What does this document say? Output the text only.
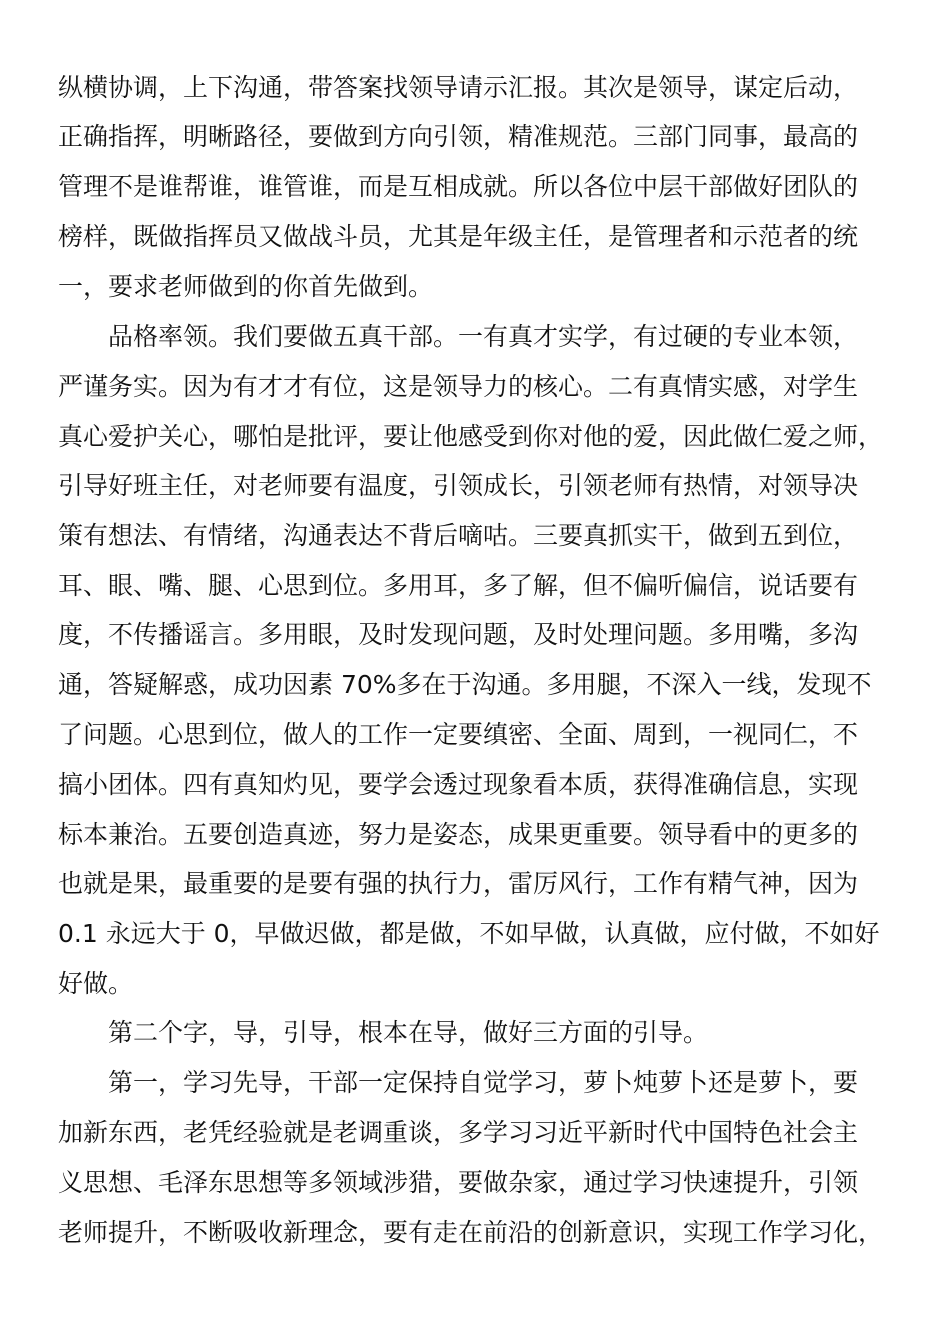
纵横协调，上下沟通，带答案找领导请示汇报。其次是领导，谋定后动，
正确指挥，明晰路径，要做到方向引领，精准规范。三部门同事，最高的
管理不是谁帮谁，谁管谁，而是互相成就。所以各位中层干部做好团队的
榜样，既做指挥员又做战斗员，尤其是年级主任，是管理者和示范者的统
一，要求老师做到的你首先做到。
　　品格率领。我们要做五真干部。一有真才实学，有过硬的专业本领，
严谨务实。因为有才才有位，这是领导力的核心。二有真情实感，对学生
真心爱护关心，哪怕是批评，要让他感受到你对他的爱，因此做仁爱之师，
引导好班主任，对老师要有温度，引领成长，引领老师有热情，对领导决
策有想法、有情绪，沟通表达不背后嘀咕。三要真抓实干，做到五到位，
耳、眼、嘴、腿、心思到位。多用耳，多了解，但不偏听偏信，说话要有
度，不传播谣言。多用眼，及时发现问题，及时处理问题。多用嘴，多沟
通，答疑解惑，成功因素 70%多在于沟通。多用腿，不深入一线，发现不
了问题。心思到位，做人的工作一定要缜密、全面、周到，一视同仁，不
搞小团体。四有真知灼见，要学会透过现象看本质，获得准确信息，实现
标本兼治。五要创造真迹，努力是姿态，成果更重要。领导看中的更多的
也就是果，最重要的是要有强的执行力，雷厉风行，工作有精气神，因为
0.1 永远大于 0，早做迟做，都是做，不如早做，认真做，应付做，不如好
好做。
　　第二个字，导，引导，根本在导，做好三方面的引导。
　　第一，学习先导，干部一定保持自觉学习，萝卜炖萝卜还是萝卜，要
加新东西，老凭经验就是老调重谈，多学习习近平新时代中国特色社会主
义思想、毛泽东思想等多领域涉猎，要做杂家，通过学习快速提升，引领
老师提升，不断吸收新理念，要有走在前沿的创新意识，实现工作学习化，
